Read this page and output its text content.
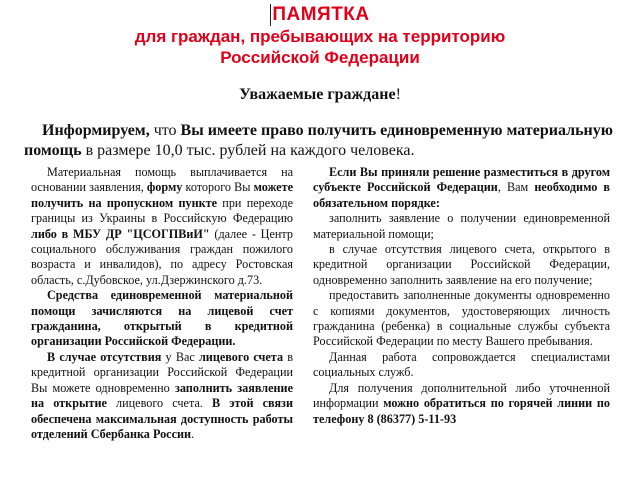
ПАМЯТКА
для граждан, пребывающих на территорию
Российской Федерации
Уважаемые граждане!
Информируем, что Вы имеете право получить единовременную материальную помощь в размере 10,0 тыс. рублей на каждого человека.

Материальная помощь выплачивается на основании заявления, форму которого Вы можете получить на пропускном пункте при переходе границы из Украины в Российскую Федерацию либо в МБУ ДР "ЦСОГПВиИ" (далее - Центр социального обслуживания граждан пожилого возраста и инвалидов), по адресу Ростовская область, с.Дубовское, ул.Дзержинского д.73.

Средства единовременной материальной помощи зачисляются на лицевой счет гражданина, открытый в кредитной организации Российской Федерации.

В случае отсутствия у Вас лицевого счета в кредитной организации Российской Федерации Вы можете одновременно заполнить заявление на открытие лицевого счета. В этой связи обеспечена максимальная доступность работы отделений Сбербанка России.

Если Вы приняли решение разместиться в другом субъекте Российской Федерации, Вам необходимо в обязательном порядке:

заполнить заявление о получении единовременной материальной помощи;

в случае отсутствия лицевого счета, открытого в кредитной организации Российской Федерации, одновременно заполнить заявление на его получение;

предоставить заполненные документы одновременно с копиями документов, удостоверяющих личность гражданина (ребенка) в социальные службы субъекта Российской Федерации по месту Вашего пребывания.

Данная работа сопровождается специалистами социальных служб.

Для получения дополнительной либо уточненной информации можно обратиться по горячей линии по телефону 8 (86377) 5-11-93
